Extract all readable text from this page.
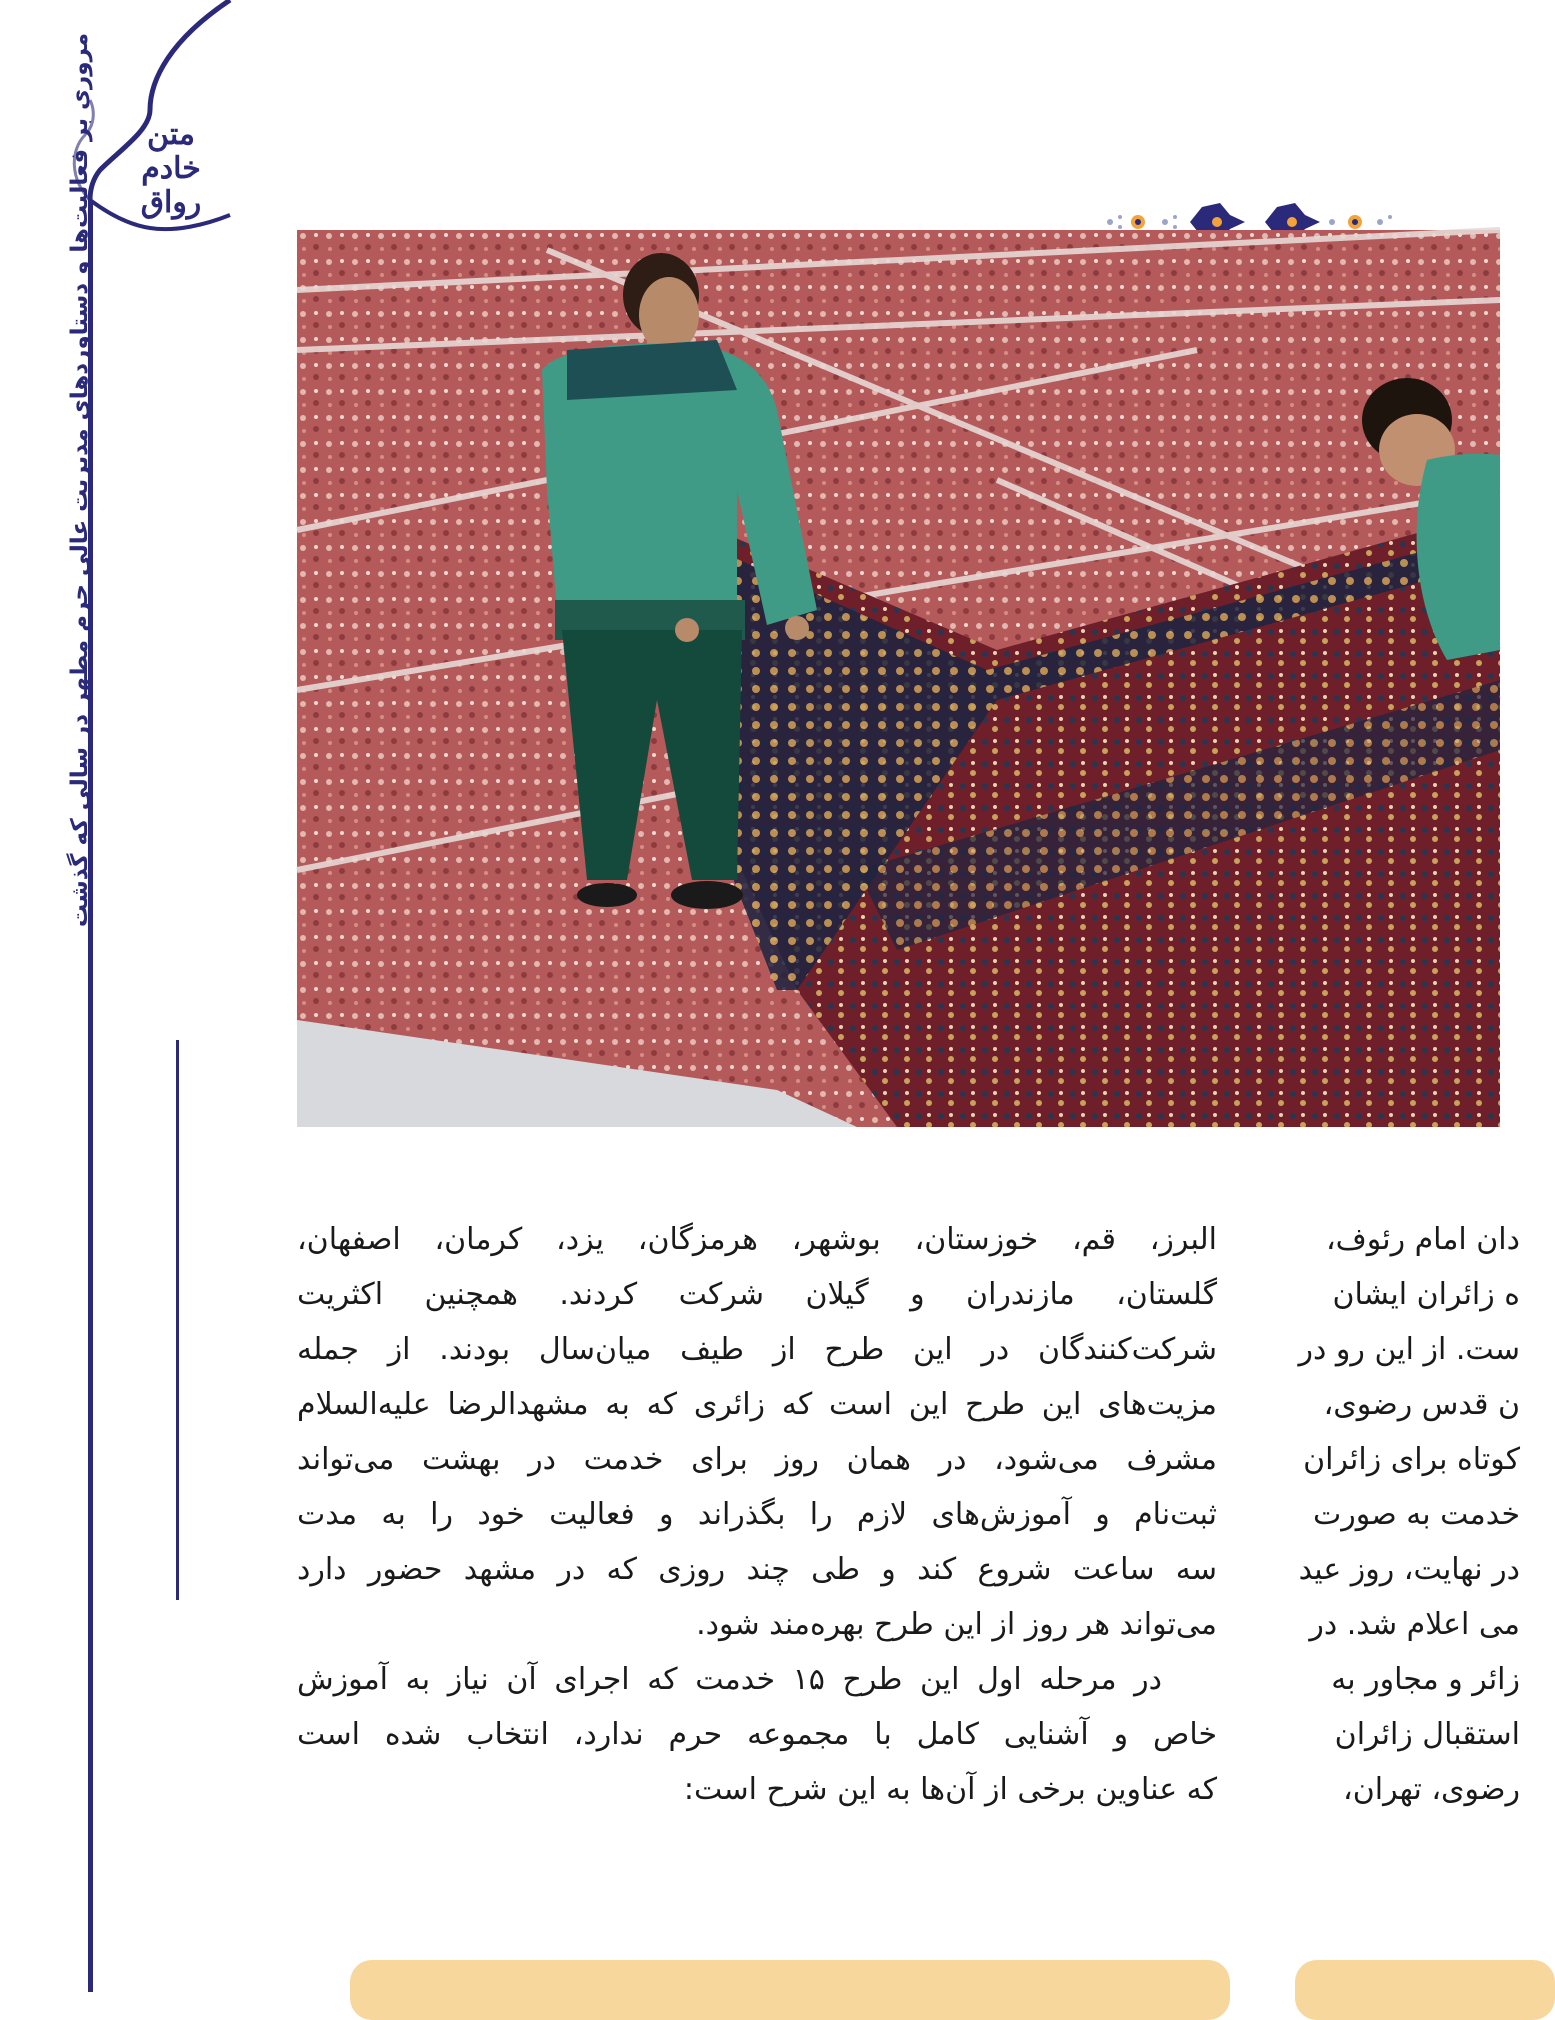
متن
خادم
رواق
مروری بر فعالیت‌ها و دستاوردهای مدیریت عالی حرم مطهر در سالی که گذشت
البرز، قم، خوزستان، بوشهر، هرمزگان، یزد، کرمان، اصفهان،
گلستان، مازندران و گیلان شرکت کردند. همچنین اکثریت
شرکت‌کنندگان در این طرح از طیف میان‌سال بودند. از جمله
مزیت‌های این طرح این است که زائری که به مشهدالرضا علیه‌السلام
مشرف می‌شود، در همان روز برای خدمت در بهشت می‌تواند
ثبت‌نام و آموزش‌های لازم را بگذراند و فعالیت خود را به مدت
سه ساعت شروع کند و طی چند روزی که در مشهد حضور دارد
می‌تواند هر روز از این طرح بهره‌مند شود.
در مرحله اول این طرح ۱۵ خدمت که اجرای آن نیاز به آموزش
خاص و آشنایی کامل با مجموعه حرم ندارد، انتخاب شده است
که عناوین برخی از آن‌ها به این شرح است:
دان امام رئوف،
ه زائران ایشان
ست. از این رو در
ن قدس رضوی،
کوتاه برای زائران
خدمت به صورت
در نهایت، روز عید
می اعلام شد. در
زائر و مجاور به
استقبال زائران
رضوی، تهران،
